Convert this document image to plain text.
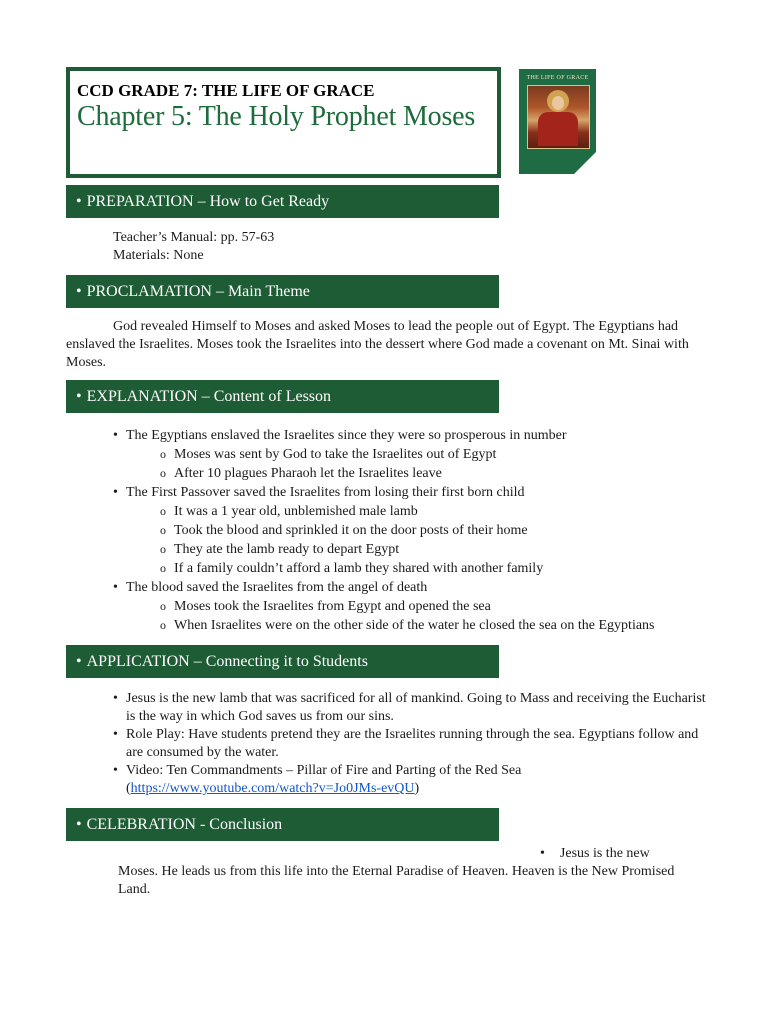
CCD GRADE 7: THE LIFE OF GRACE
Chapter 5: The Holy Prophet Moses
THE LIFE OF GRACE
• PREPARATION – How to Get Ready
Teacher’s Manual: pp. 57-63
Materials: None
• PROCLAMATION – Main Theme
God revealed Himself to Moses and asked Moses to lead the people out of Egypt. The Egyptians had enslaved the Israelites. Moses took the Israelites into the dessert where God made a covenant on Mt. Sinai with Moses.
• EXPLANATION – Content of Lesson
• The Egyptians enslaved the Israelites since they were so prosperous in number
o Moses was sent by God to take the Israelites out of Egypt
o After 10 plagues Pharaoh let the Israelites leave
• The First Passover saved the Israelites from losing their first born child
o It was a 1 year old, unblemished male lamb
o Took the blood and sprinkled it on the door posts of their home
o They ate the lamb ready to depart Egypt
o If a family couldn’t afford a lamb they shared with another family
• The blood saved the Israelites from the angel of death
o Moses took the Israelites from Egypt and opened the sea
o When Israelites were on the other side of the water he closed the sea on the Egyptians
• APPLICATION – Connecting it to Students
• Jesus is the new lamb that was sacrificed for all of mankind. Going to Mass and receiving the Eucharist is the way in which God saves us from our sins.
• Role Play: Have students pretend they are the Israelites running through the sea. Egyptians follow and are consumed by the water.
• Video: Ten Commandments – Pillar of Fire and Parting of the Red Sea
(https://www.youtube.com/watch?v=Jo0JMs-evQU)
• CELEBRATION - Conclusion
• Jesus is the new
Moses. He leads us from this life into the Eternal Paradise of Heaven. Heaven is the New Promised Land.
